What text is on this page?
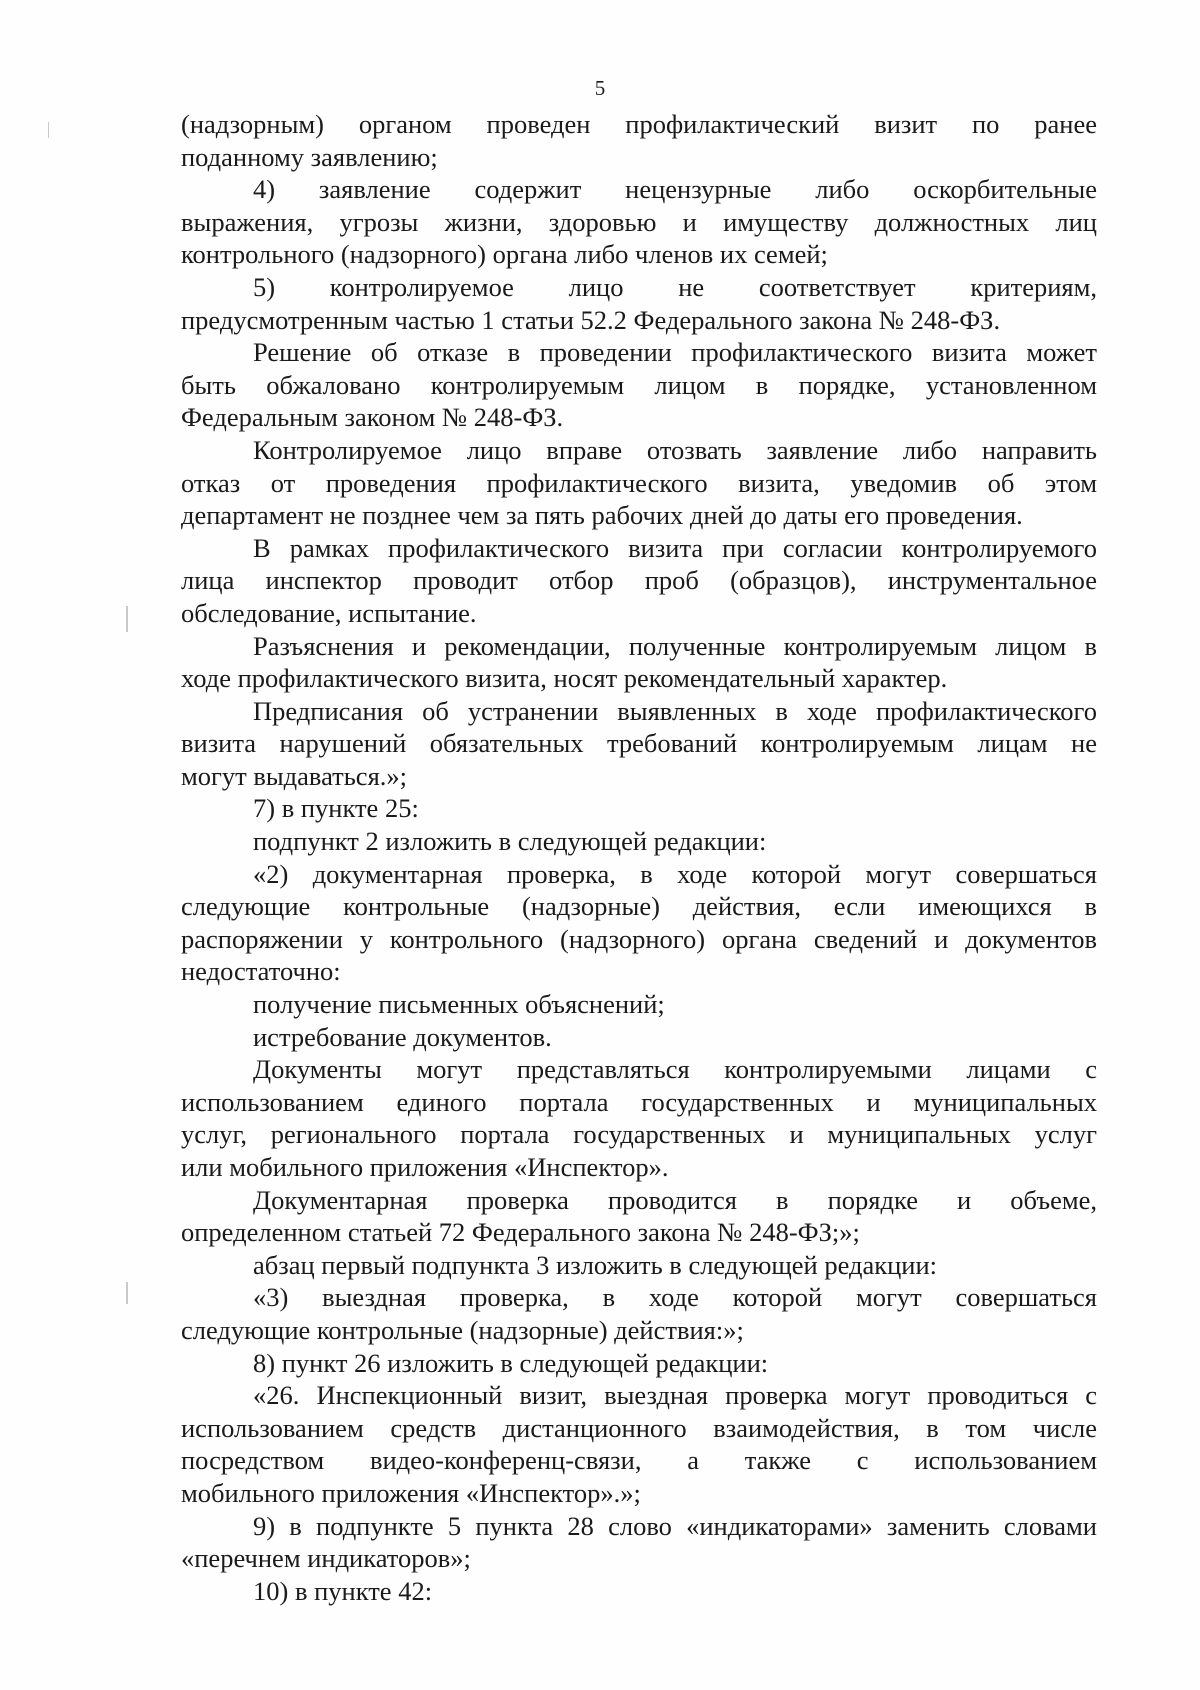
5

(надзорным) органом проведен профилактический визит по ранее

поданному заявлению;

4) заявление содержит нецензурные либо оскорбительные

выражения, угрозы жизни, здоровью и имуществу должностных лиц

контрольного (надзорного) органа либо членов их семей;

5) контролируемое лицо не соответствует критериям,

предусмотренным частью 1 статьи 52.2 Федерального закона № 248-ФЗ.

Решение об отказе в проведении профилактического визита может

быть обжаловано контролируемым лицом в порядке, установленном

Федеральным законом № 248-ФЗ.

Контролируемое лицо вправе отозвать заявление либо направить

отказ от проведения профилактического визита, уведомив об этом

департамент не позднее чем за пять рабочих дней до даты его проведения.

В рамках профилактического визита при согласии контролируемого

лица инспектор проводит отбор проб (образцов), инструментальное

обследование, испытание.

Разъяснения и рекомендации, полученные контролируемым лицом в

ходе профилактического визита, носят рекомендательный характер.

Предписания об устранении выявленных в ходе профилактического

визита нарушений обязательных требований контролируемым лицам не

могут выдаваться.»;

7) в пункте 25:

подпункт 2 изложить в следующей редакции:

«2) документарная проверка, в ходе которой могут совершаться

следующие контрольные (надзорные) действия, если имеющихся в

распоряжении у контрольного (надзорного) органа сведений и документов

недостаточно:

получение письменных объяснений;

истребование документов.

Документы могут представляться контролируемыми лицами с

использованием единого портала государственных и муниципальных

услуг, регионального портала государственных и муниципальных услуг

или мобильного приложения «Инспектор».

Документарная проверка проводится в порядке и объеме,

определенном статьей 72 Федерального закона № 248-ФЗ;»;

абзац первый подпункта 3 изложить в следующей редакции:

«3) выездная проверка, в ходе которой могут совершаться

следующие контрольные (надзорные) действия:»;

8) пункт 26 изложить в следующей редакции:

«26. Инспекционный визит, выездная проверка могут проводиться с

использованием средств дистанционного взаимодействия, в том числе

посредством видео-конференц-связи, а также с использованием

мобильного приложения «Инспектор».»;

9) в подпункте 5 пункта 28 слово «индикаторами» заменить словами

«перечнем индикаторов»;

10) в пункте 42:
